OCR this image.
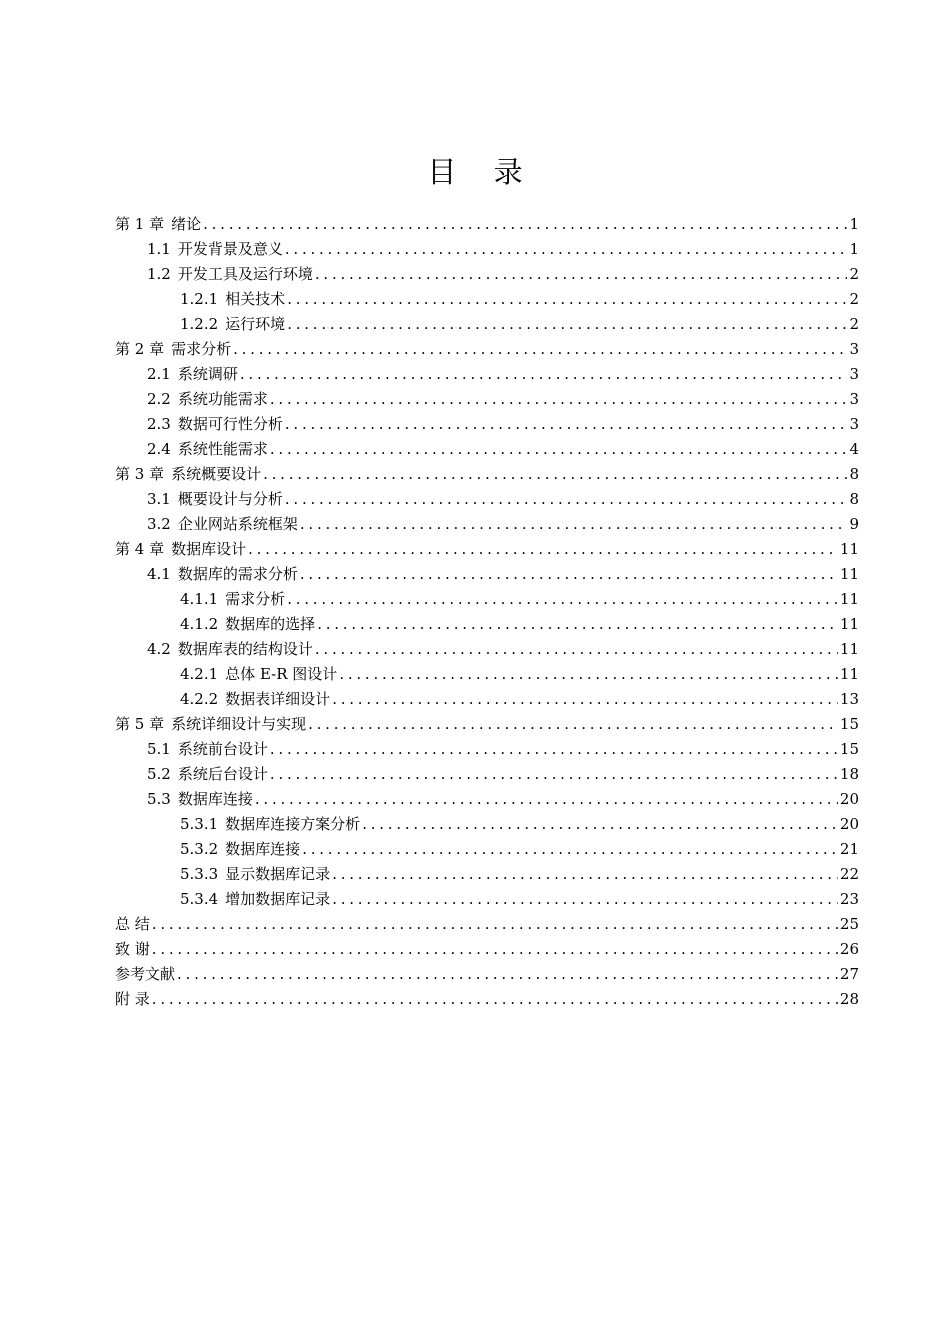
目 录
第 1 章 绪论 . . .	1
1.1 开发背景及意义 . . .	1
1.2 开发工具及运行环境 . . .	2
1.2.1 相关技术 . . .	2
1.2.2 运行环境 . . .	2
第 2 章 需求分析 . . .	3
2.1 系统调研 . . .	3
2.2 系统功能需求 . . .	3
2.3 数据可行性分析 . . .	3
2.4 系统性能需求 . . .	4
第 3 章 系统概要设计 . . .	8
3.1 概要设计与分析 . . .	8
3.2 企业网站系统框架 . . .	9
第 4 章 数据库设计 . . .	11
4.1 数据库的需求分析 . . .	11
4.1.1 需求分析 . . .	11
4.1.2 数据库的选择 . . .	11
4.2 数据库表的结构设计 . . .	11
4.2.1 总体 E-R 图设计 . . .	11
4.2.2 数据表详细设计 . . .	13
第 5 章 系统详细设计与实现 . . .	15
5.1 系统前台设计 . . .	15
5.2 系统后台设计 . . .	18
5.3 数据库连接 . . .	20
5.3.1 数据库连接方案分析 . . .	20
5.3.2 数据库连接 . . .	21
5.3.3 显示数据库记录 . . .	22
5.3.4 增加数据库记录 . . .	23
总 结 . . .	25
致 谢 . . .	26
参考文献 . . .	27
附 录 . . .	28
